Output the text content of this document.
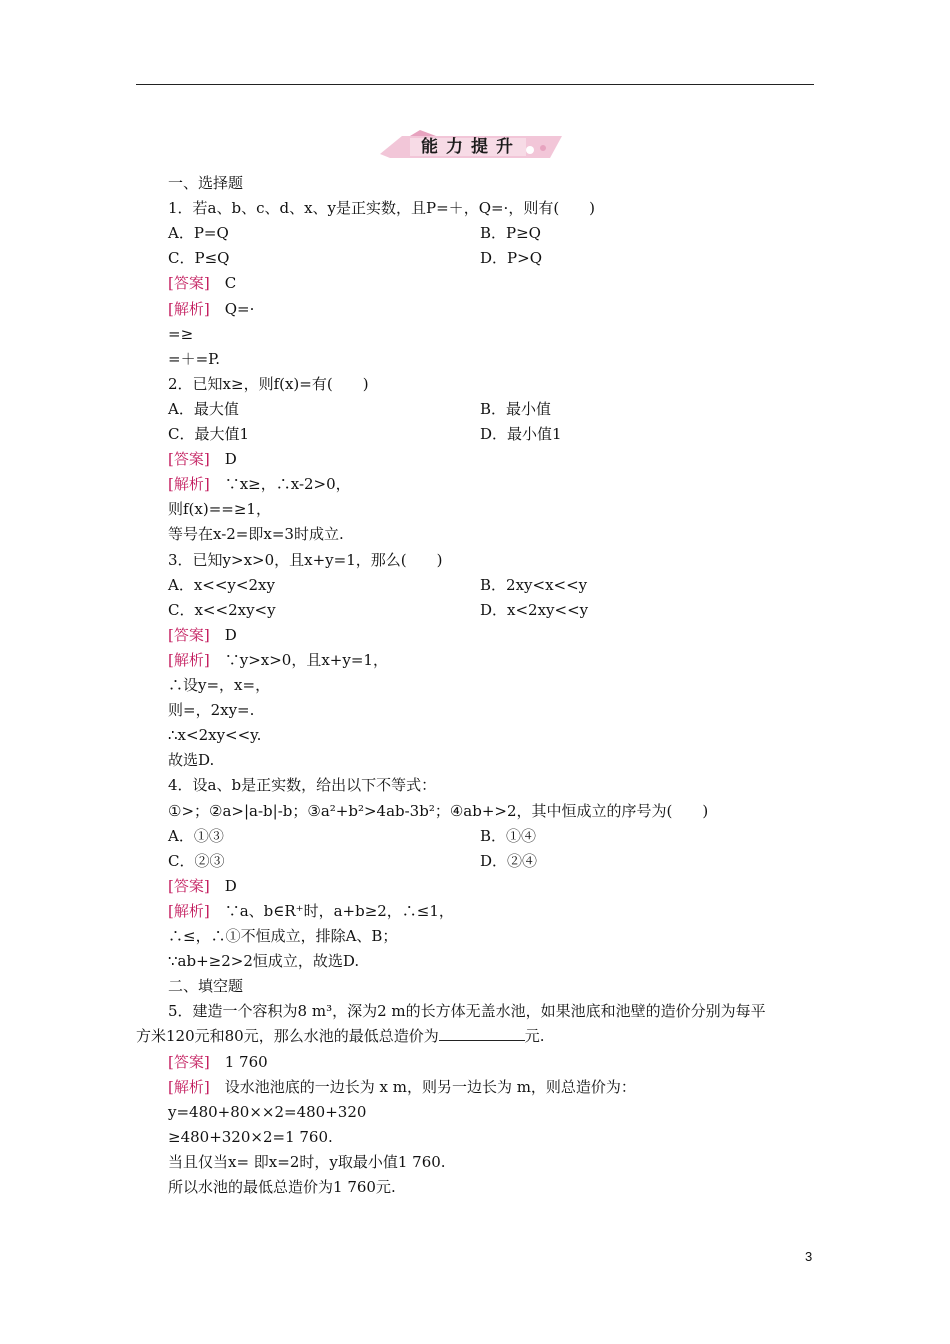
能力提升
一、选择题
1．若a、b、c、d、x、y是正实数，且P=＋，Q=·，则有(　　)
A．P=Q	B．P≥Q
C．P≤Q	D．P>Q
[答案]　C
[解析]　Q=·
=≥
=＋=P.
2．已知x≥，则f(x)=有(　　)
A．最大值	B．最小值
C．最大值1	D．最小值1
[答案]　D
[解析]　∵x≥，∴x-2>0，
则f(x)==≥1，
等号在x-2=即x=3时成立.
3．已知y>x>0，且x+y=1，那么(　　)
A．x<<y<2xy	B．2xy<x<<y
C．x<<2xy<y	D．x<2xy<<y
[答案]　D
[解析]　∵y>x>0，且x+y=1，
∴设y=，x=，
则=，2xy=.
∴x<2xy<<y.
故选D.
4．设a、b是正实数，给出以下不等式：
①>；②a>|a-b|-b；③a²+b²>4ab-3b²；④ab+>2，其中恒成立的序号为(　　)
A．①③	B．①④
C．②③	D．②④
[答案]　D
[解析]　∵a、b∈R⁺时，a+b≥2，∴≤1，
∴≤，∴①不恒成立，排除A、B；
∵ab+≥2>2恒成立，故选D.
二、填空题
5．建造一个容积为8 m³，深为2 m的长方体无盖水池，如果池底和池壁的造价分别为每平
方米120元和80元，那么水池的最低总造价为	元.
[答案]　1 760
[解析]　设水池池底的一边长为 x m，则另一边长为 m，则总造价为：
y=480+80××2=480+320
≥480+320×2=1 760.
当且仅当x= 即x=2时，y取最小值1 760.
所以水池的最低总造价为1 760元.
3
